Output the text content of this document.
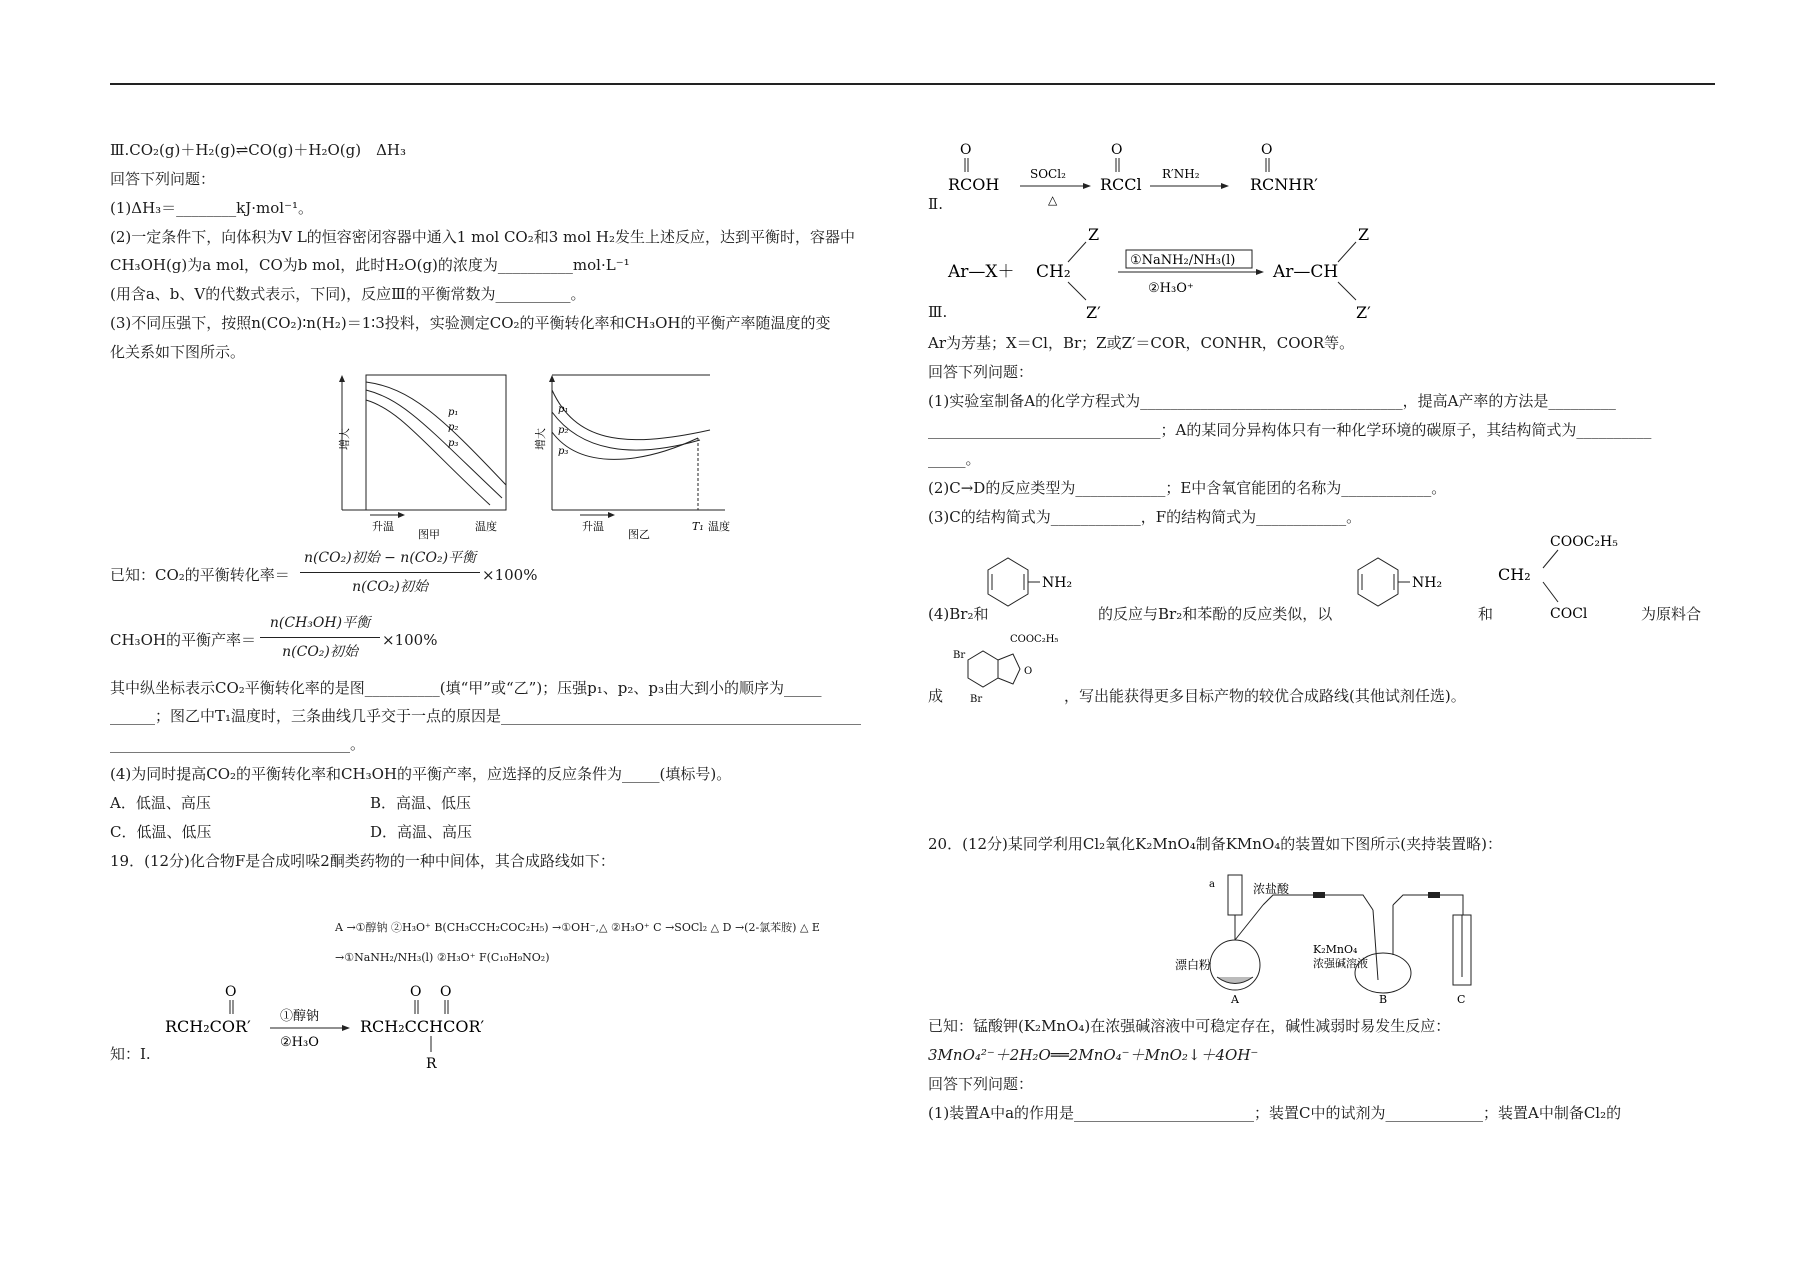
Ⅲ.CO₂(g)＋H₂(g)⇌CO(g)＋H₂O(g)　ΔH₃
回答下列问题：
(1)ΔH₃＝________kJ·mol⁻¹。
(2)一定条件下，向体积为V L的恒容密闭容器中通入1 mol CO₂和3 mol H₂发生上述反应，达到平衡时，容器中
CH₃OH(g)为a mol，CO为b mol，此时H₂O(g)的浓度为__________mol·L⁻¹
(用含a、b、V的代数式表示，下同)，反应Ⅲ的平衡常数为__________。
(3)不同压强下，按照n(CO₂)∶n(H₂)＝1∶3投料，实验测定CO₂的平衡转化率和CH₃OH的平衡产率随温度的变
化关系如下图所示。
增大
升温	温度
p₁
p₂
p₃
图甲
增大
p₁
p₂
p₃
升温	T₁ 温度
图乙
已知：CO₂的平衡转化率＝
n(CO₂)初始 − n(CO₂)平衡
n(CO₂)初始
×100%
CH₃OH的平衡产率＝
n(CH₃OH)平衡
n(CO₂)初始
×100%
其中纵坐标表示CO₂平衡转化率的是图__________(填“甲”或“乙”)；压强p₁、p₂、p₃由大到小的顺序为_____
______；图乙中T₁温度时，三条曲线几乎交于一点的原因是________________________________________________
________________________________。
(4)为同时提高CO₂的平衡转化率和CH₃OH的平衡产率，应选择的反应条件为_____(填标号)。
A．低温、高压	B．高温、低压
C．低温、低压	D．高温、高压
19．(12分)化合物F是合成吲哚2酮类药物的一种中间体，其合成路线如下：
A →①醇钠 ②H₃O⁺ B(CH₃CCH₂COC₂H₅) →①OH⁻,△ ②H₃O⁺ C →SOCl₂ △ D →(2-氯苯胺) △ E
→①NaNH₂/NH₃(l) ②H₃O⁺ F(C₁₀H₉NO₂)
O
RCH₂COR′
①醇钠
②H₃O
O O
RCH₂CCHCOR′
R
知：Ⅰ.
O
RCOH
SOCl₂
△
O
RCCl
R′NH₂
O
RCNHR′
Ⅱ.
Ar—X＋ CH₂
Z
Z′
①NaNH₂/NH₃(l)
②H₃O⁺
Ar—CH
Z
Z′
Ⅲ.
Ar为芳基；X＝Cl，Br；Z或Z′＝COR，CONHR，COOR等。
回答下列问题：
(1)实验室制备A的化学方程式为___________________________________，提高A产率的方法是_________
_______________________________；A的某同分异构体只有一种化学环境的碳原子，其结构简式为__________
_____。
(2)C→D的反应类型为____________；E中含氧官能团的名称为____________。
(3)C的结构简式为____________，F的结构简式为____________。
NH₂	NH₂
COOC₂H₅
CH₂
COCl
Br
Br
COOC₂H₅
O
(4)Br₂和	的反应与Br₂和苯酚的反应类似，以	和	为原料合
成	，写出能获得更多目标产物的较优合成路线(其他试剂任选)。
20．(12分)某同学利用Cl₂氧化K₂MnO₄制备KMnO₄的装置如下图所示(夹持装置略)：
a	浓盐酸
漂白粉
A
K₂MnO₄
浓强碱溶液
B	C
已知：锰酸钾(K₂MnO₄)在浓强碱溶液中可稳定存在，碱性减弱时易发生反应：
3MnO₄²⁻＋2H₂O══2MnO₄⁻＋MnO₂↓＋4OH⁻
回答下列问题：
(1)装置A中a的作用是________________________；装置C中的试剂为_____________；装置A中制备Cl₂的
